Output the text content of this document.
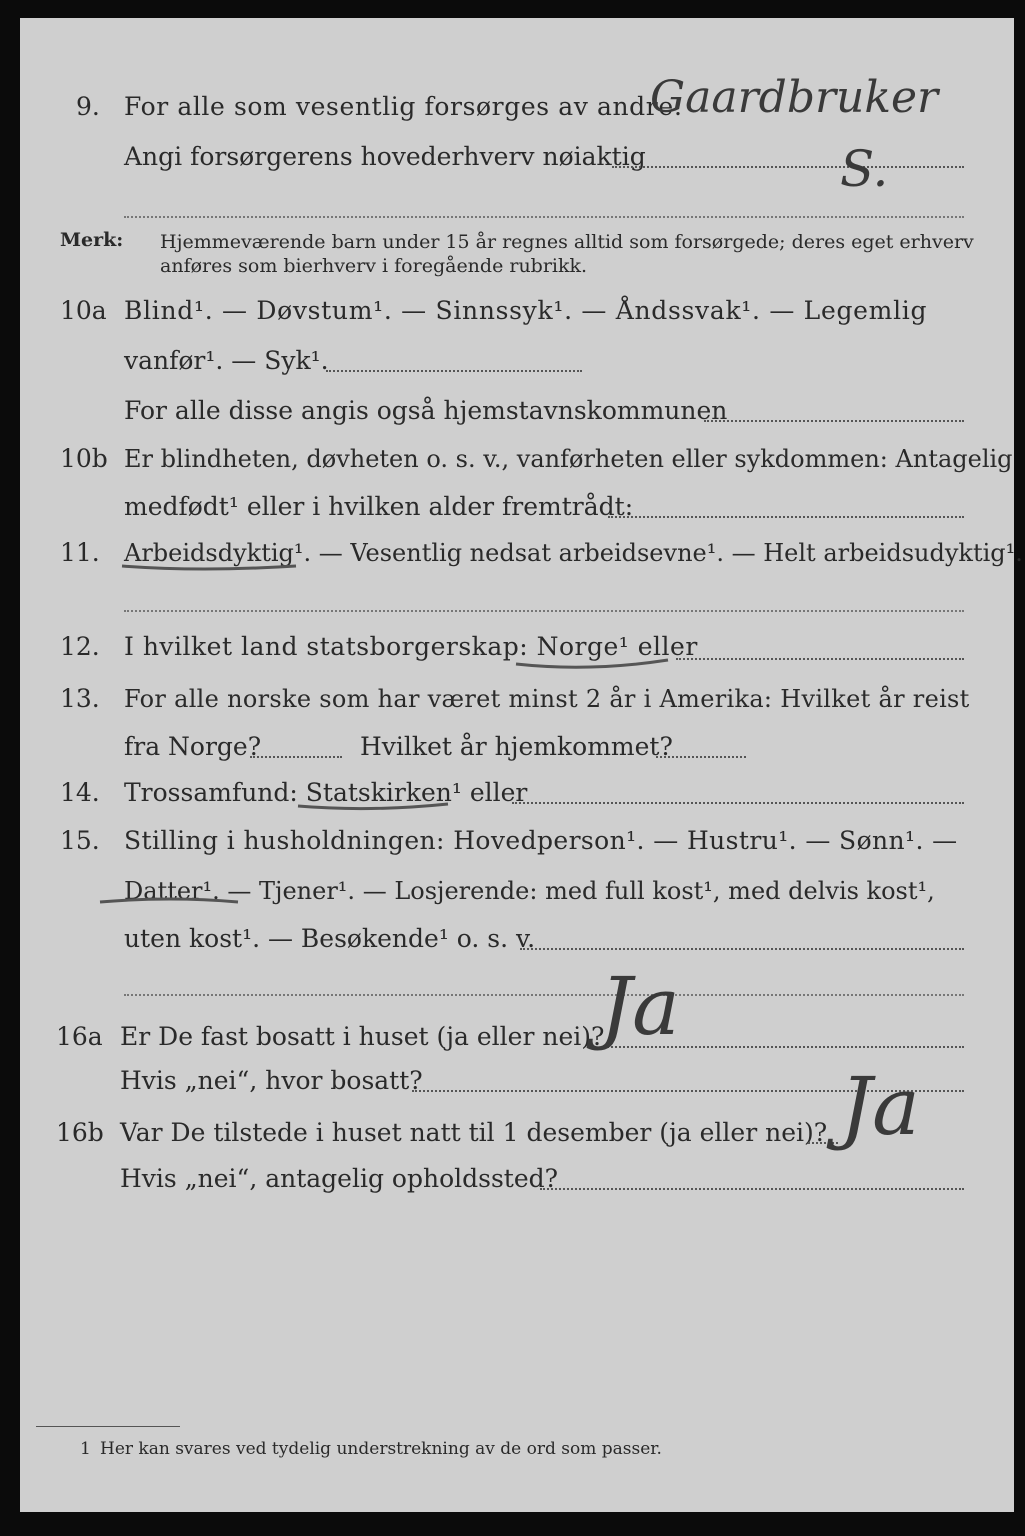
9. For alle som vesentlig forsørges av andre:
Angi forsørgerens hovederhverv nøiaktig
Gaardbruker
S.
Merk: Hjemmeværende barn under 15 år regnes alltid som forsørgede; deres eget erhverv
anføres som bierhverv i foregående rubrikk.
10a Blind¹. — Døvstum¹. — Sinnssyk¹. — Åndssvak¹. — Legemlig
vanfør¹. — Syk¹.
For alle disse angis også hjemstavnskommunen
10b Er blindheten, døvheten o. s. v., vanførheten eller sykdommen: Antagelig
medfødt¹ eller i hvilken alder fremtrådt:
11. Arbeidsdyktig¹. — Vesentlig nedsat arbeidsevne¹. — Helt arbeidsudyktig¹.
12. I hvilket land statsborgerskap: Norge¹ eller
13. For alle norske som har været minst 2 år i Amerika: Hvilket år reist
fra Norge?	Hvilket år hjemkommet?
14. Trossamfund: Statskirken¹ eller
15. Stilling i husholdningen: Hovedperson¹. — Hustru¹. — Sønn¹. —
Datter¹. — Tjener¹. — Losjerende: med full kost¹, med delvis kost¹,
uten kost¹. — Besøkende¹ o. s. v.
16a Er De fast bosatt i huset (ja eller nei)?
Hvis „nei“, hvor bosatt?
Ja
16b Var De tilstede i huset natt til 1 desember (ja eller nei)?
Hvis „nei“, antagelig opholdssted?
Ja
1 Her kan svares ved tydelig understrekning av de ord som passer.
